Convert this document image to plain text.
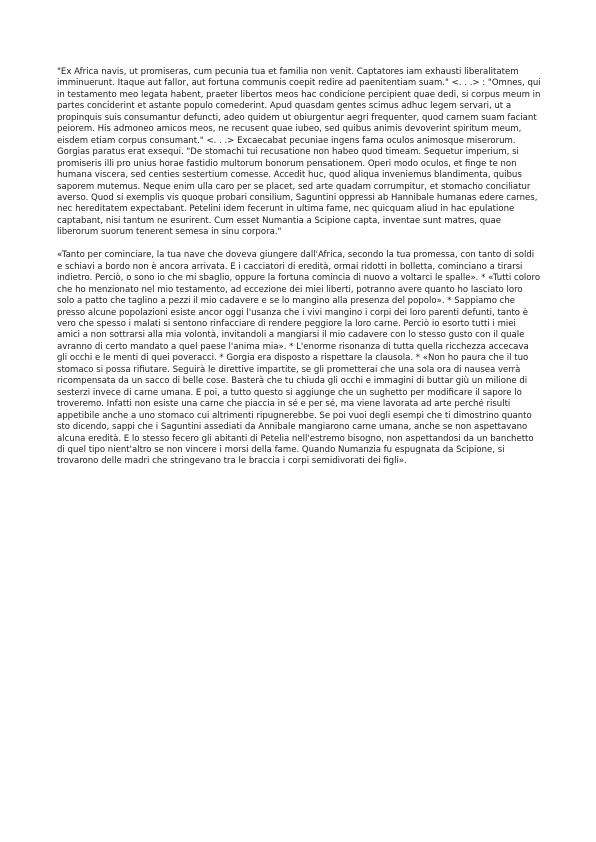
"Ex Africa navis, ut promiseras, cum pecunia tua et familia non venit. Captatores iam exhausti liberalitatem imminuerunt. Itaque aut fallor, aut fortuna communis coepit redire ad paenitentiam suam." <. . .> : "Omnes, qui in testamento meo legata habent, praeter libertos meos hac condicione percipient quae dedi, si corpus meum in partes conciderint et astante populo comederint. Apud quasdam gentes scimus adhuc legem servari, ut a propinquis suis consumantur defuncti, adeo quidem ut obiurgentur aegri frequenter, quod carnem suam faciant peiorem. His admoneo amicos meos, ne recusent quae iubeo, sed quibus animis devoverint spiritum meum, eisdem etiam corpus consumant." <. . .> Excaecabat pecuniae ingens fama oculos animosque miserorum. Gorgias paratus erat exsequi. "De stomachi tui recusatione non habeo quod timeam. Sequetur imperium, si promiseris illi pro unius horae fastidio multorum bonorum pensationem. Operi modo oculos, et finge te non humana viscera, sed centies sestertium comesse. Accedit huc, quod aliqua inveniemus blandimenta, quibus saporem mutemus. Neque enim ulla caro per se placet, sed arte quadam corrumpitur, et stomacho conciliatur averso. Quod si exemplis vis quoque probari consilium, Saguntini oppressi ab Hannibale humanas edere carnes, nec hereditatem expectabant. Petelini idem fecerunt in ultima fame, nec quicquam aliud in hac epulatione captabant, nisi tantum ne esurirent. Cum esset Numantia a Scipione capta, inventae sunt matres, quae liberorum suorum tenerent semesa in sinu corpora."

«Tanto per cominciare, la tua nave che doveva giungere dall'Africa, secondo la tua promessa, con tanto di soldi e schiavi a bordo non è ancora arrivata. E i cacciatori di eredità, ormai ridotti in bolletta, cominciano a tirarsi indietro. Perciò, o sono io che mi sbaglio, oppure la fortuna comincia di nuovo a voltarci le spalle». * «Tutti coloro che ho menzionato nel mio testamento, ad eccezione dei miei liberti, potranno avere quanto ho lasciato loro solo a patto che taglino a pezzi il mio cadavere e se lo mangino alla presenza del popolo». * Sappiamo che presso alcune popolazioni esiste ancor oggi l'usanza che i vivi mangino i corpi dei loro parenti defunti, tanto è vero che spesso i malati si sentono rinfacciare di rendere peggiore la loro carne. Perciò io esorto tutti i miei amici a non sottrarsi alla mia volontà, invitandoli a mangiarsi il mio cadavere con lo stesso gusto con il quale avranno di certo mandato a quel paese l'anima mia». * L'enorme risonanza di tutta quella ricchezza accecava gli occhi e le menti di quei poveracci. * Gorgia era disposto a rispettare la clausola. * «Non ho paura che il tuo stomaco si possa rifiutare. Seguirà le direttive impartite, se gli prometterai che una sola ora di nausea verrà ricompensata da un sacco di belle cose. Basterà che tu chiuda gli occhi e immagini di buttar giù un milione di sesterzi invece di carne umana. E poi, a tutto questo si aggiunge che un sughetto per modificare il sapore lo troveremo. Infatti non esiste una carne che piaccia in sé e per sé, ma viene lavorata ad arte perché risulti appetibile anche a uno stomaco cui altrimenti ripugnerebbe. Se poi vuoi degli esempi che ti dimostrino quanto sto dicendo, sappi che i Saguntini assediati da Annibale mangiarono carne umana, anche se non aspettavano alcuna eredità. E lo stesso fecero gli abitanti di Petelia nell'estremo bisogno, non aspettandosi da un banchetto di quel tipo nient'altro se non vincere i morsi della fame. Quando Numanzia fu espugnata da Scipione, si trovarono delle madri che stringevano tra le braccia i corpi semidivorati dei figli».
